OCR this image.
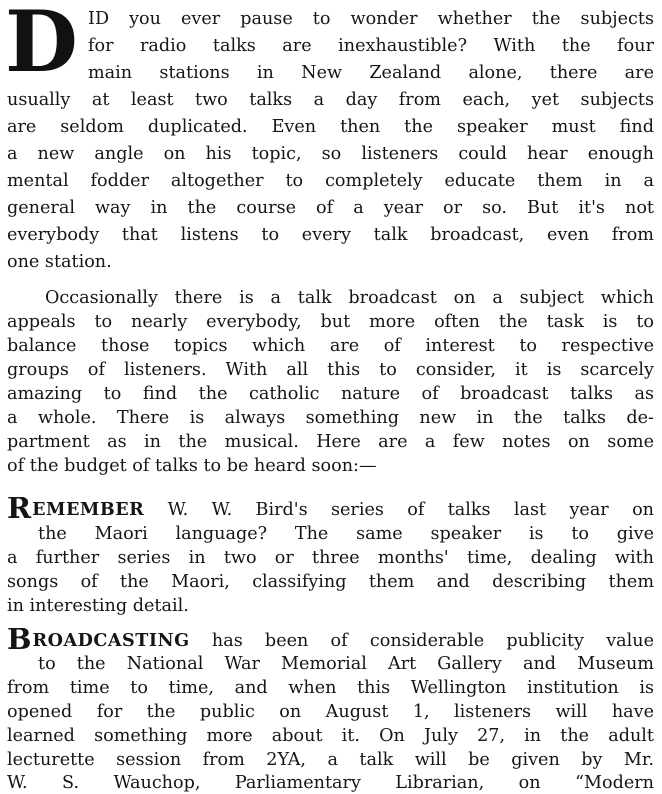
D ID you ever pause to wonder whether the subjects
for radio talks are inexhaustible? With the four
main stations in New Zealand alone, there are
usually at least two talks a day from each, yet subjects
are seldom duplicated. Even then the speaker must find
a new angle on his topic, so listeners could hear enough
mental fodder altogether to completely educate them in a
general way in the course of a year or so. But it's not
everybody that listens to every talk broadcast, even from
one station.
Occasionally there is a talk broadcast on a subject which
appeals to nearly everybody, but more often the task is to
balance those topics which are of interest to respective
groups of listeners. With all this to consider, it is scarcely
amazing to find the catholic nature of broadcast talks as
a whole. There is always something new in the talks de-
partment as in the musical. Here are a few notes on some
of the budget of talks to be heard soon:—
REMEMBER W. W. Bird's series of talks last year on
the Maori language? The same speaker is to give
a further series in two or three months' time, dealing with
songs of the Maori, classifying them and describing them
in interesting detail.
BROADCASTING has been of considerable publicity value
to the National War Memorial Art Gallery and Museum
from time to time, and when this Wellington institution is
opened for the public on August 1, listeners will have
learned something more about it. On July 27, in the adult
lecturette session from 2YA, a talk will be given by Mr.
W. S. Wauchop, Parliamentary Librarian, on “Modern
